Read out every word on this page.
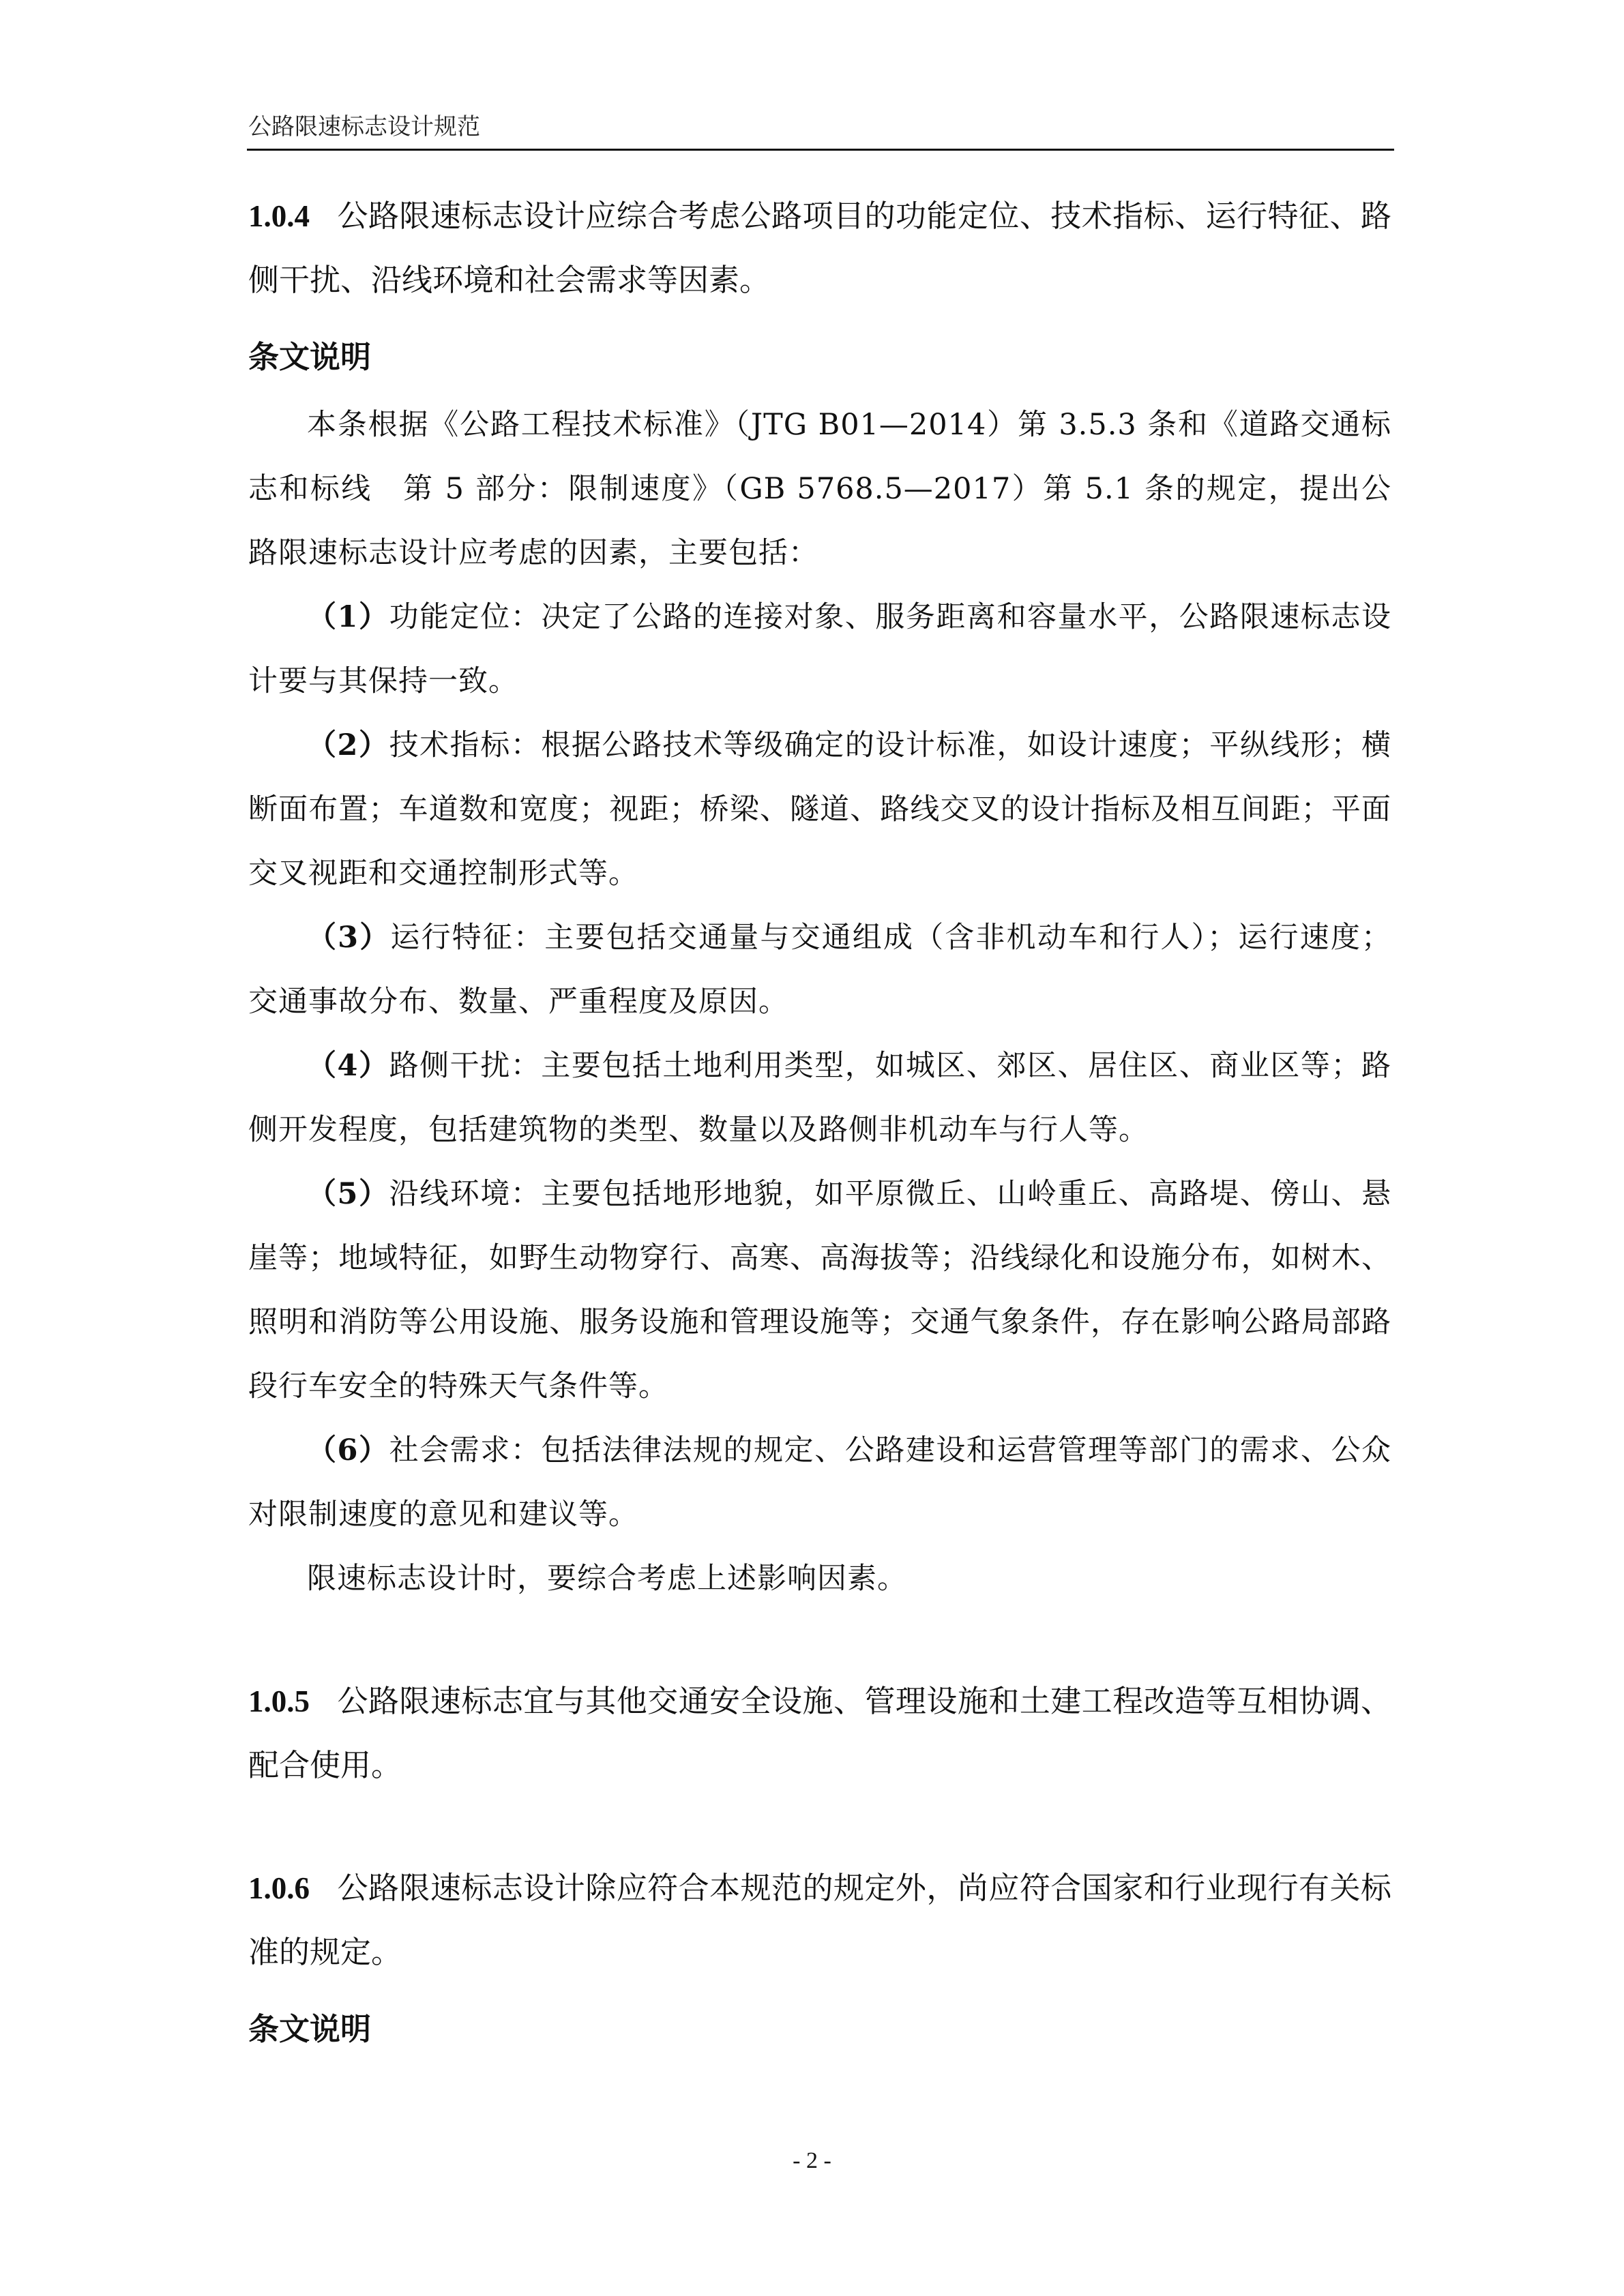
公路限速标志设计规范

1.0.4 公路限速标志设计应综合考虑公路项目的功能定位、技术指标、运行特征、路侧干扰、沿线环境和社会需求等因素。

条文说明

本条根据《公路工程技术标准》（JTG B01—2014）第 3.5.3 条和《道路交通标志和标线　第 5 部分：限制速度》（GB 5768.5—2017）第 5.1 条的规定，提出公路限速标志设计应考虑的因素，主要包括：

（1）功能定位：决定了公路的连接对象、服务距离和容量水平，公路限速标志设计要与其保持一致。

（2）技术指标：根据公路技术等级确定的设计标准，如设计速度；平纵线形；横断面布置；车道数和宽度；视距；桥梁、隧道、路线交叉的设计指标及相互间距；平面交叉视距和交通控制形式等。

（3）运行特征：主要包括交通量与交通组成（含非机动车和行人）；运行速度；交通事故分布、数量、严重程度及原因。

（4）路侧干扰：主要包括土地利用类型，如城区、郊区、居住区、商业区等；路侧开发程度，包括建筑物的类型、数量以及路侧非机动车与行人等。

（5）沿线环境：主要包括地形地貌，如平原微丘、山岭重丘、高路堤、傍山、悬崖等；地域特征，如野生动物穿行、高寒、高海拔等；沿线绿化和设施分布，如树木、照明和消防等公用设施、服务设施和管理设施等；交通气象条件，存在影响公路局部路段行车安全的特殊天气条件等。

（6）社会需求：包括法律法规的规定、公路建设和运营管理等部门的需求、公众对限制速度的意见和建议等。

限速标志设计时，要综合考虑上述影响因素。

1.0.5 公路限速标志宜与其他交通安全设施、管理设施和土建工程改造等互相协调、配合使用。

1.0.6 公路限速标志设计除应符合本规范的规定外，尚应符合国家和行业现行有关标准的规定。

条文说明

- 2 -
